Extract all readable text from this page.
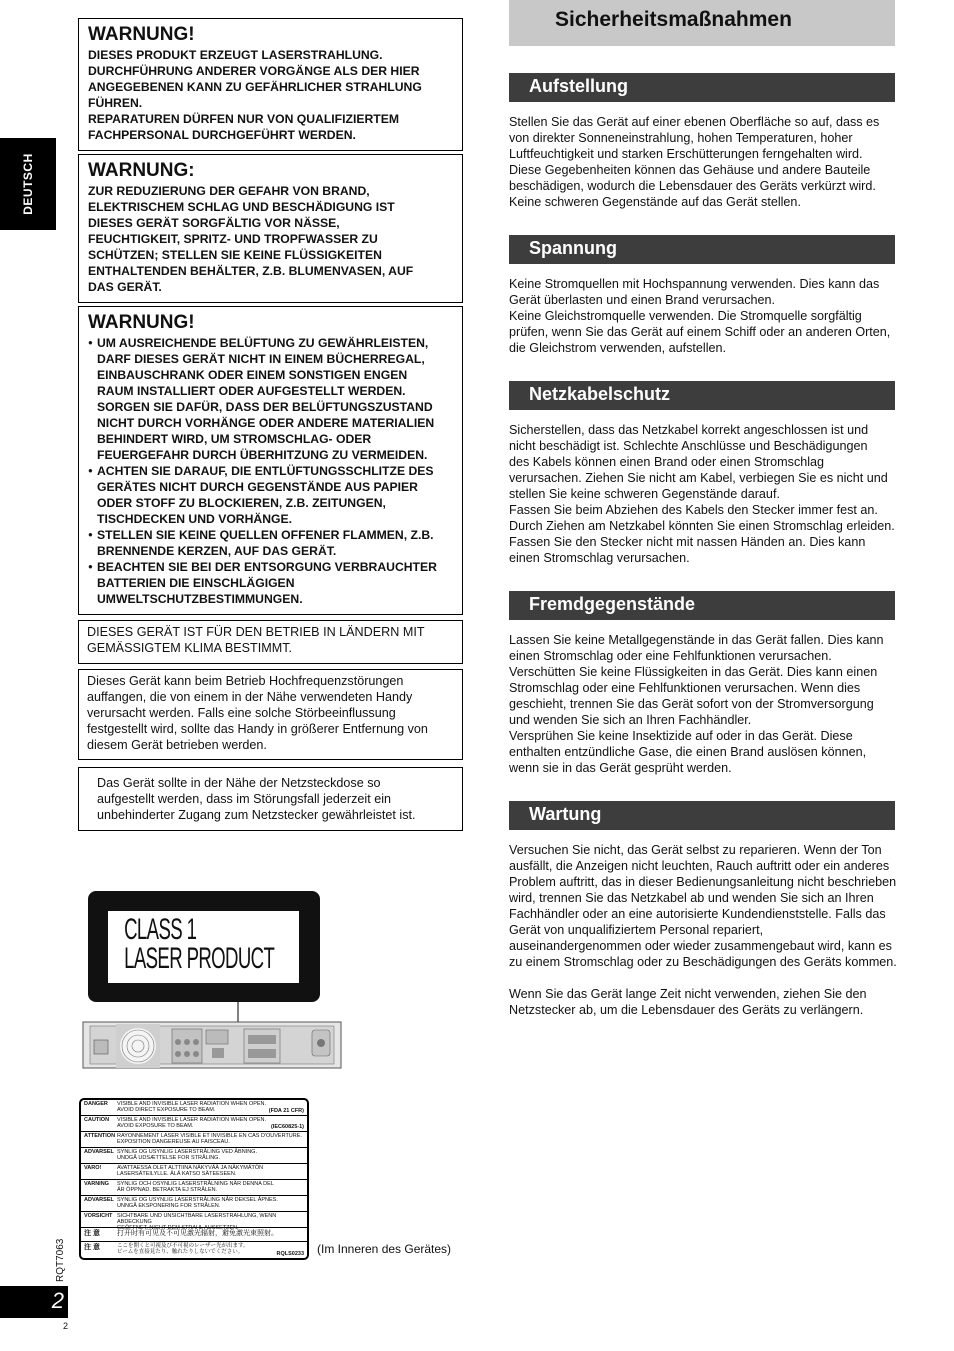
DEUTSCH
WARNUNG!

DIESES PRODUKT ERZEUGT LASERSTRAHLUNG.

DURCHFÜHRUNG ANDERER VORGÄNGE ALS DER HIER

ANGEGEBENEN KANN ZU GEFÄHRLICHER STRAHLUNG

FÜHREN.

REPARATUREN DÜRFEN NUR VON QUALIFIZIERTEM

FACHPERSONAL DURCHGEFÜHRT WERDEN.

WARNUNG:

ZUR REDUZIERUNG DER GEFAHR VON BRAND,

ELEKTRISCHEM SCHLAG UND BESCHÄDIGUNG IST

DIESES GERÄT SORGFÄLTIG VOR NÄSSE,

FEUCHTIGKEIT, SPRITZ- UND TROPFWASSER ZU

SCHÜTZEN; STELLEN SIE KEINE FLÜSSIGKEITEN

ENTHALTENDEN BEHÄLTER, Z.B. BLUMENVASEN, AUF

DAS GERÄT.

WARNUNG!
● UM AUSREICHENDE BELÜFTUNG ZU GEWÄHRLEISTEN,
DARF DIESES GERÄT NICHT IN EINEM BÜCHERREGAL,
EINBAUSCHRANK ODER EINEM SONSTIGEN ENGEN
RAUM INSTALLIERT ODER AUFGESTELLT WERDEN.
SORGEN SIE DAFÜR, DASS DER BELÜFTUNGSZUSTAND
NICHT DURCH VORHÄNGE ODER ANDERE MATERIALIEN
BEHINDERT WIRD, UM STROMSCHLAG- ODER
FEUERGEFAHR DURCH ÜBERHITZUNG ZU VERMEIDEN.
● ACHTEN SIE DARAUF, DIE ENTLÜFTUNGSSCHLITZE DES
GERÄTES NICHT DURCH GEGENSTÄNDE AUS PAPIER
ODER STOFF ZU BLOCKIEREN, Z.B. ZEITUNGEN,
TISCHDECKEN UND VORHÄNGE.
● STELLEN SIE KEINE QUELLEN OFFENER FLAMMEN, Z.B.
BRENNENDE KERZEN, AUF DAS GERÄT.
● BEACHTEN SIE BEI DER ENTSORGUNG VERBRAUCHTER
BATTERIEN DIE EINSCHLÄGIGEN
UMWELTSCHUTZBESTIMMUNGEN.

DIESES GERÄT IST FÜR DEN BETRIEB IN LÄNDERN MIT

GEMÄSSIGTEM KLIMA BESTIMMT.

Dieses Gerät kann beim Betrieb Hochfrequenzstörungen

auffangen, die von einem in der Nähe verwendeten Handy

verursacht werden. Falls eine solche Störbeeinflussung

festgestellt wird, sollte das Handy in größerer Entfernung von

diesem Gerät betrieben werden.

Das Gerät sollte in der Nähe der Netzsteckdose so

aufgestellt werden, dass im Störungsfall jederzeit ein

unbehinderter Zugang zum Netzstecker gewährleistet ist.

CLASS 1
LASER PRODUCT
DANGER	VISIBLE AND INVISIBLE LASER RADIATION WHEN OPEN.
AVOID DIRECT EXPOSURE TO BEAM.	(FDA 21 CFR)
CAUTION	VISIBLE AND INVISIBLE LASER RADIATION WHEN OPEN.
AVOID EXPOSURE TO BEAM.	(IEC60825-1)
ATTENTION RAYONNEMENT LASER VISIBLE ET INVISIBLE EN CAS D'OUVERTURE.
EXPOSITION DANGEREUSE AU FAISCEAU.
ADVARSEL SYNLIG OG USYNLIG LASERSTRÅLING VED ÅBNING.
UNDGÅ UDSÆTTELSE FOR STRÅLING.
VARO!	AVATTAESSA OLET ALTTIINA NÄKYVÄÄ JA NÄKYMÄTÖN
LASERSÄTEILYLLE. ÄLÄ KATSO SÄTEESEEN.
VARNING	SYNLIG OCH OSYNLIG LASERSTRÅLNING NÄR DENNA DEL
ÄR ÖPPNAD. BETRAKTA EJ STRÅLEN.
ADVARSEL SYNLIG OG USYNLIG LASERSTRÅLING NÅR DEKSEL ÅPNES.
UNNGÅ EKSPONERING FOR STRÅLEN.
VORSICHT SICHTBARE UND UNSICHTBARE LASERSTRAHLUNG, WENN ABDECKUNG
GEÖFFNET. NICHT DEM STRAHL AUSSETZEN.
注 意	打开时有可见及不可见激光辐射，避免激光束照射。
注 意	ここを開くと可視及び不可視のレーザー光が出ます。
ビームを直接見たり、触れたりしないでください。	RQLS0233 (Im Inneren des Gerätes)
RQT7063
2
2
Sicherheitsmaßnahmen
Aufstellung

Stellen Sie das Gerät auf einer ebenen Oberfläche so auf, dass es

von direkter Sonneneinstrahlung, hohen Temperaturen, hoher

Luftfeuchtigkeit und starken Erschütterungen ferngehalten wird.

Diese Gegebenheiten können das Gehäuse und andere Bauteile

beschädigen, wodurch die Lebensdauer des Geräts verkürzt wird.

Keine schweren Gegenstände auf das Gerät stellen.

Spannung

Keine Stromquellen mit Hochspannung verwenden. Dies kann das

Gerät überlasten und einen Brand verursachen.

Keine Gleichstromquelle verwenden. Die Stromquelle sorgfältig

prüfen, wenn Sie das Gerät auf einem Schiff oder an anderen Orten,

die Gleichstrom verwenden, aufstellen.

Netzkabelschutz

Sicherstellen, dass das Netzkabel korrekt angeschlossen ist und

nicht beschädigt ist. Schlechte Anschlüsse und Beschädigungen

des Kabels können einen Brand oder einen Stromschlag

verursachen. Ziehen Sie nicht am Kabel, verbiegen Sie es nicht und

stellen Sie keine schweren Gegenstände darauf.

Fassen Sie beim Abziehen des Kabels den Stecker immer fest an.

Durch Ziehen am Netzkabel könnten Sie einen Stromschlag erleiden.

Fassen Sie den Stecker nicht mit nassen Händen an. Dies kann

einen Stromschlag verursachen.

Fremdgegenstände

Lassen Sie keine Metallgegenstände in das Gerät fallen. Dies kann

einen Stromschlag oder eine Fehlfunktionen verursachen.

Verschütten Sie keine Flüssigkeiten in das Gerät. Dies kann einen

Stromschlag oder eine Fehlfunktionen verursachen. Wenn dies

geschieht, trennen Sie das Gerät sofort von der Stromversorgung

und wenden Sie sich an Ihren Fachhändler.

Versprühen Sie keine Insektizide auf oder in das Gerät. Diese

enthalten entzündliche Gase, die einen Brand auslösen können,

wenn sie in das Gerät gesprüht werden.

Wartung

Versuchen Sie nicht, das Gerät selbst zu reparieren. Wenn der Ton

ausfällt, die Anzeigen nicht leuchten, Rauch auftritt oder ein anderes

Problem auftritt, das in dieser Bedienungsanleitung nicht beschrieben

wird, trennen Sie das Netzkabel ab und wenden Sie sich an Ihren

Fachhändler oder an eine autorisierte Kundendienststelle. Falls das

Gerät von unqualifiziertem Personal repariert,

auseinandergenommen oder wieder zusammengebaut wird, kann es

zu einem Stromschlag oder zu Beschädigungen des Geräts kommen.

Wenn Sie das Gerät lange Zeit nicht verwenden, ziehen Sie den

Netzstecker ab, um die Lebensdauer des Geräts zu verlängern.
